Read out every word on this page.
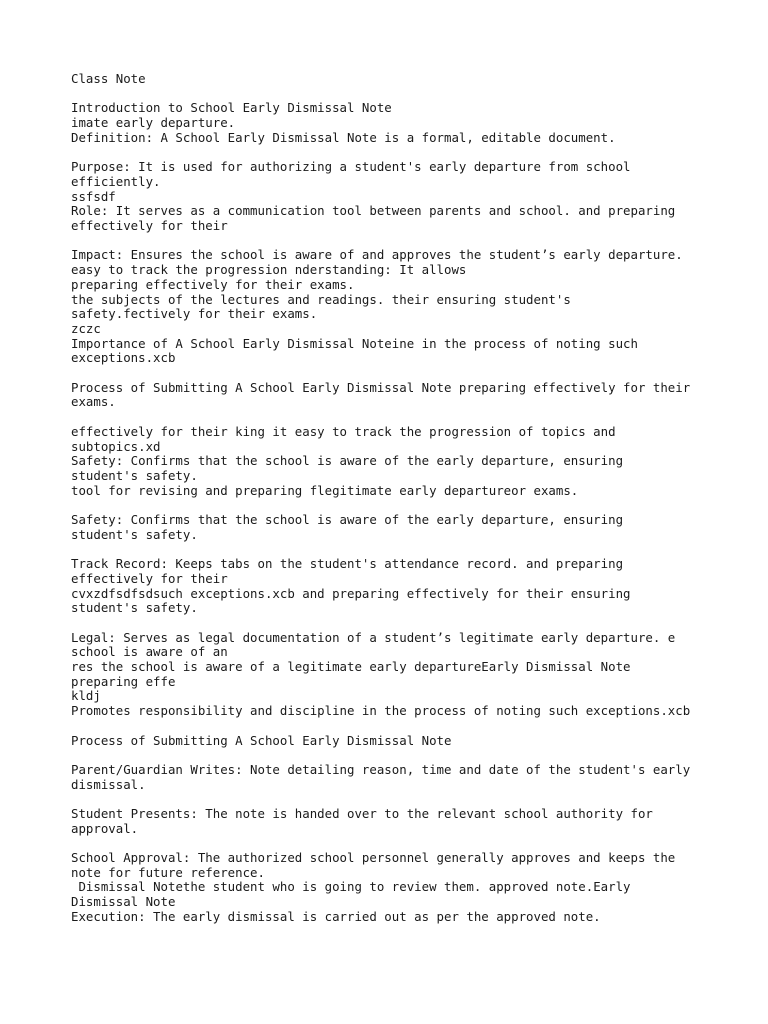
Class Note
Introduction to School Early Dismissal Note
imate early departure.
Definition: A School Early Dismissal Note is a formal, editable document.
Purpose: It is used for authorizing a student's early departure from school
efficiently.
ssfsdf
Role: It serves as a communication tool between parents and school. and preparing
effectively for their
Impact: Ensures the school is aware of and approves the student’s early departure.
easy to track the progression nderstanding: It allows
preparing effectively for their exams.
the subjects of the lectures and readings. their ensuring student's
safety.fectively for their exams.
zczc
Importance of A School Early Dismissal Noteine in the process of noting such
exceptions.xcb
Process of Submitting A School Early Dismissal Note preparing effectively for their
exams.
effectively for their king it easy to track the progression of topics and
subtopics.xd
Safety: Confirms that the school is aware of the early departure, ensuring
student's safety.
tool for revising and preparing flegitimate early departureor exams.
Safety: Confirms that the school is aware of the early departure, ensuring
student's safety.
Track Record: Keeps tabs on the student's attendance record. and preparing
effectively for their
cvxzdfsdfsdsuch exceptions.xcb and preparing effectively for their ensuring
student's safety.
Legal: Serves as legal documentation of a student’s legitimate early departure. e
school is aware of an
res the school is aware of a legitimate early departureEarly Dismissal Note
preparing effe
kldj
Promotes responsibility and discipline in the process of noting such exceptions.xcb
Process of Submitting A School Early Dismissal Note
Parent/Guardian Writes: Note detailing reason, time and date of the student's early
dismissal.
Student Presents: The note is handed over to the relevant school authority for
approval.
School Approval: The authorized school personnel generally approves and keeps the
note for future reference.
Dismissal Notethe student who is going to review them. approved note.Early
Dismissal Note
Execution: The early dismissal is carried out as per the approved note.
